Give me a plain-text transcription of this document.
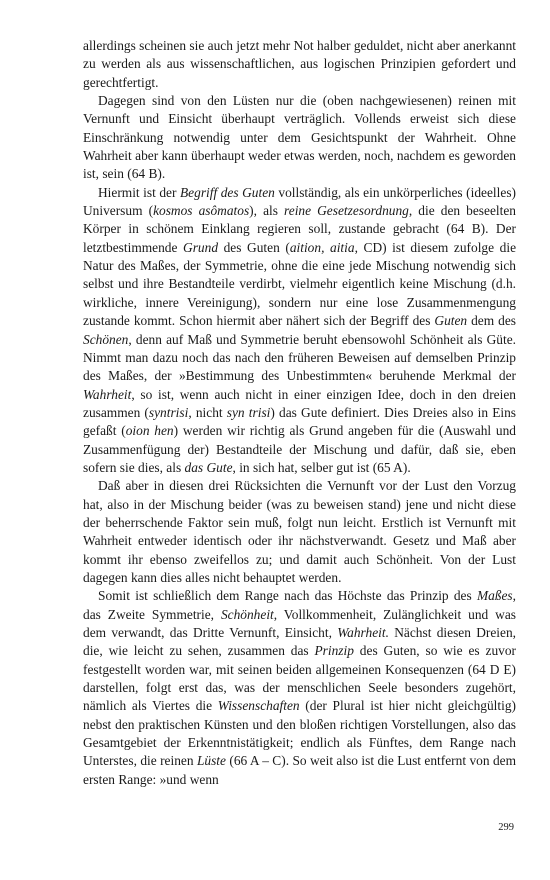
allerdings scheinen sie auch jetzt mehr Not halber geduldet, nicht aber anerkannt zu werden als aus wissenschaftlichen, aus logischen Prinzipien gefordert und gerechtfertigt.

Dagegen sind von den Lüsten nur die (oben nachgewiesenen) reinen mit Vernunft und Einsicht überhaupt verträglich. Vollends erweist sich diese Einschränkung notwendig unter dem Gesichtspunkt der Wahrheit. Ohne Wahrheit aber kann überhaupt weder etwas werden, noch, nachdem es geworden ist, sein (64 B).

Hiermit ist der Begriff des Guten vollständig, als ein unkörperliches (ideelles) Universum (kosmos asômatos), als reine Gesetzesordnung, die den beseelten Körper in schönem Einklang regieren soll, zustande gebracht (64 B). Der letztbestimmende Grund des Guten (aition, aitia, CD) ist diesem zufolge die Natur des Maßes, der Symmetrie, ohne die eine jede Mischung notwendig sich selbst und ihre Bestandteile verdirbt, vielmehr eigentlich keine Mischung (d.h. wirkliche, innere Vereinigung), sondern nur eine lose Zusammenmengung zustande kommt. Schon hiermit aber nähert sich der Begriff des Guten dem des Schönen, denn auf Maß und Symmetrie beruht ebensowohl Schönheit als Güte. Nimmt man dazu noch das nach den früheren Beweisen auf demselben Prinzip des Maßes, der »Bestimmung des Unbestimmten« beruhende Merkmal der Wahrheit, so ist, wenn auch nicht in einer einzigen Idee, doch in den dreien zusammen (syntrisi, nicht syn trisi) das Gute definiert. Dies Dreies also in Eins gefaßt (oion hen) werden wir richtig als Grund angeben für die (Auswahl und Zusammenfügung der) Bestandteile der Mischung und dafür, daß sie, eben sofern sie dies, als das Gute, in sich hat, selber gut ist (65 A).

Daß aber in diesen drei Rücksichten die Vernunft vor der Lust den Vorzug hat, also in der Mischung beider (was zu beweisen stand) jene und nicht diese der beherrschende Faktor sein muß, folgt nun leicht. Erstlich ist Vernunft mit Wahrheit entweder identisch oder ihr nächstverwandt. Gesetz und Maß aber kommt ihr ebenso zweifellos zu; und damit auch Schönheit. Von der Lust dagegen kann dies alles nicht behauptet werden.

Somit ist schließlich dem Range nach das Höchste das Prinzip des Maßes, das Zweite Symmetrie, Schönheit, Vollkommenheit, Zulänglichkeit und was dem verwandt, das Dritte Vernunft, Einsicht, Wahrheit. Nächst diesen Dreien, die, wie leicht zu sehen, zusammen das Prinzip des Guten, so wie es zuvor festgestellt worden war, mit seinen beiden allgemeinen Konsequenzen (64 D E) darstellen, folgt erst das, was der menschlichen Seele besonders zugehört, nämlich als Viertes die Wissenschaften (der Plural ist hier nicht gleichgültig) nebst den praktischen Künsten und den bloßen richtigen Vorstellungen, also das Gesamtgebiet der Erkenntnistätigkeit; endlich als Fünftes, dem Range nach Unterstes, die reinen Lüste (66 A – C). So weit also ist die Lust entfernt von dem ersten Range: »und wenn

299
